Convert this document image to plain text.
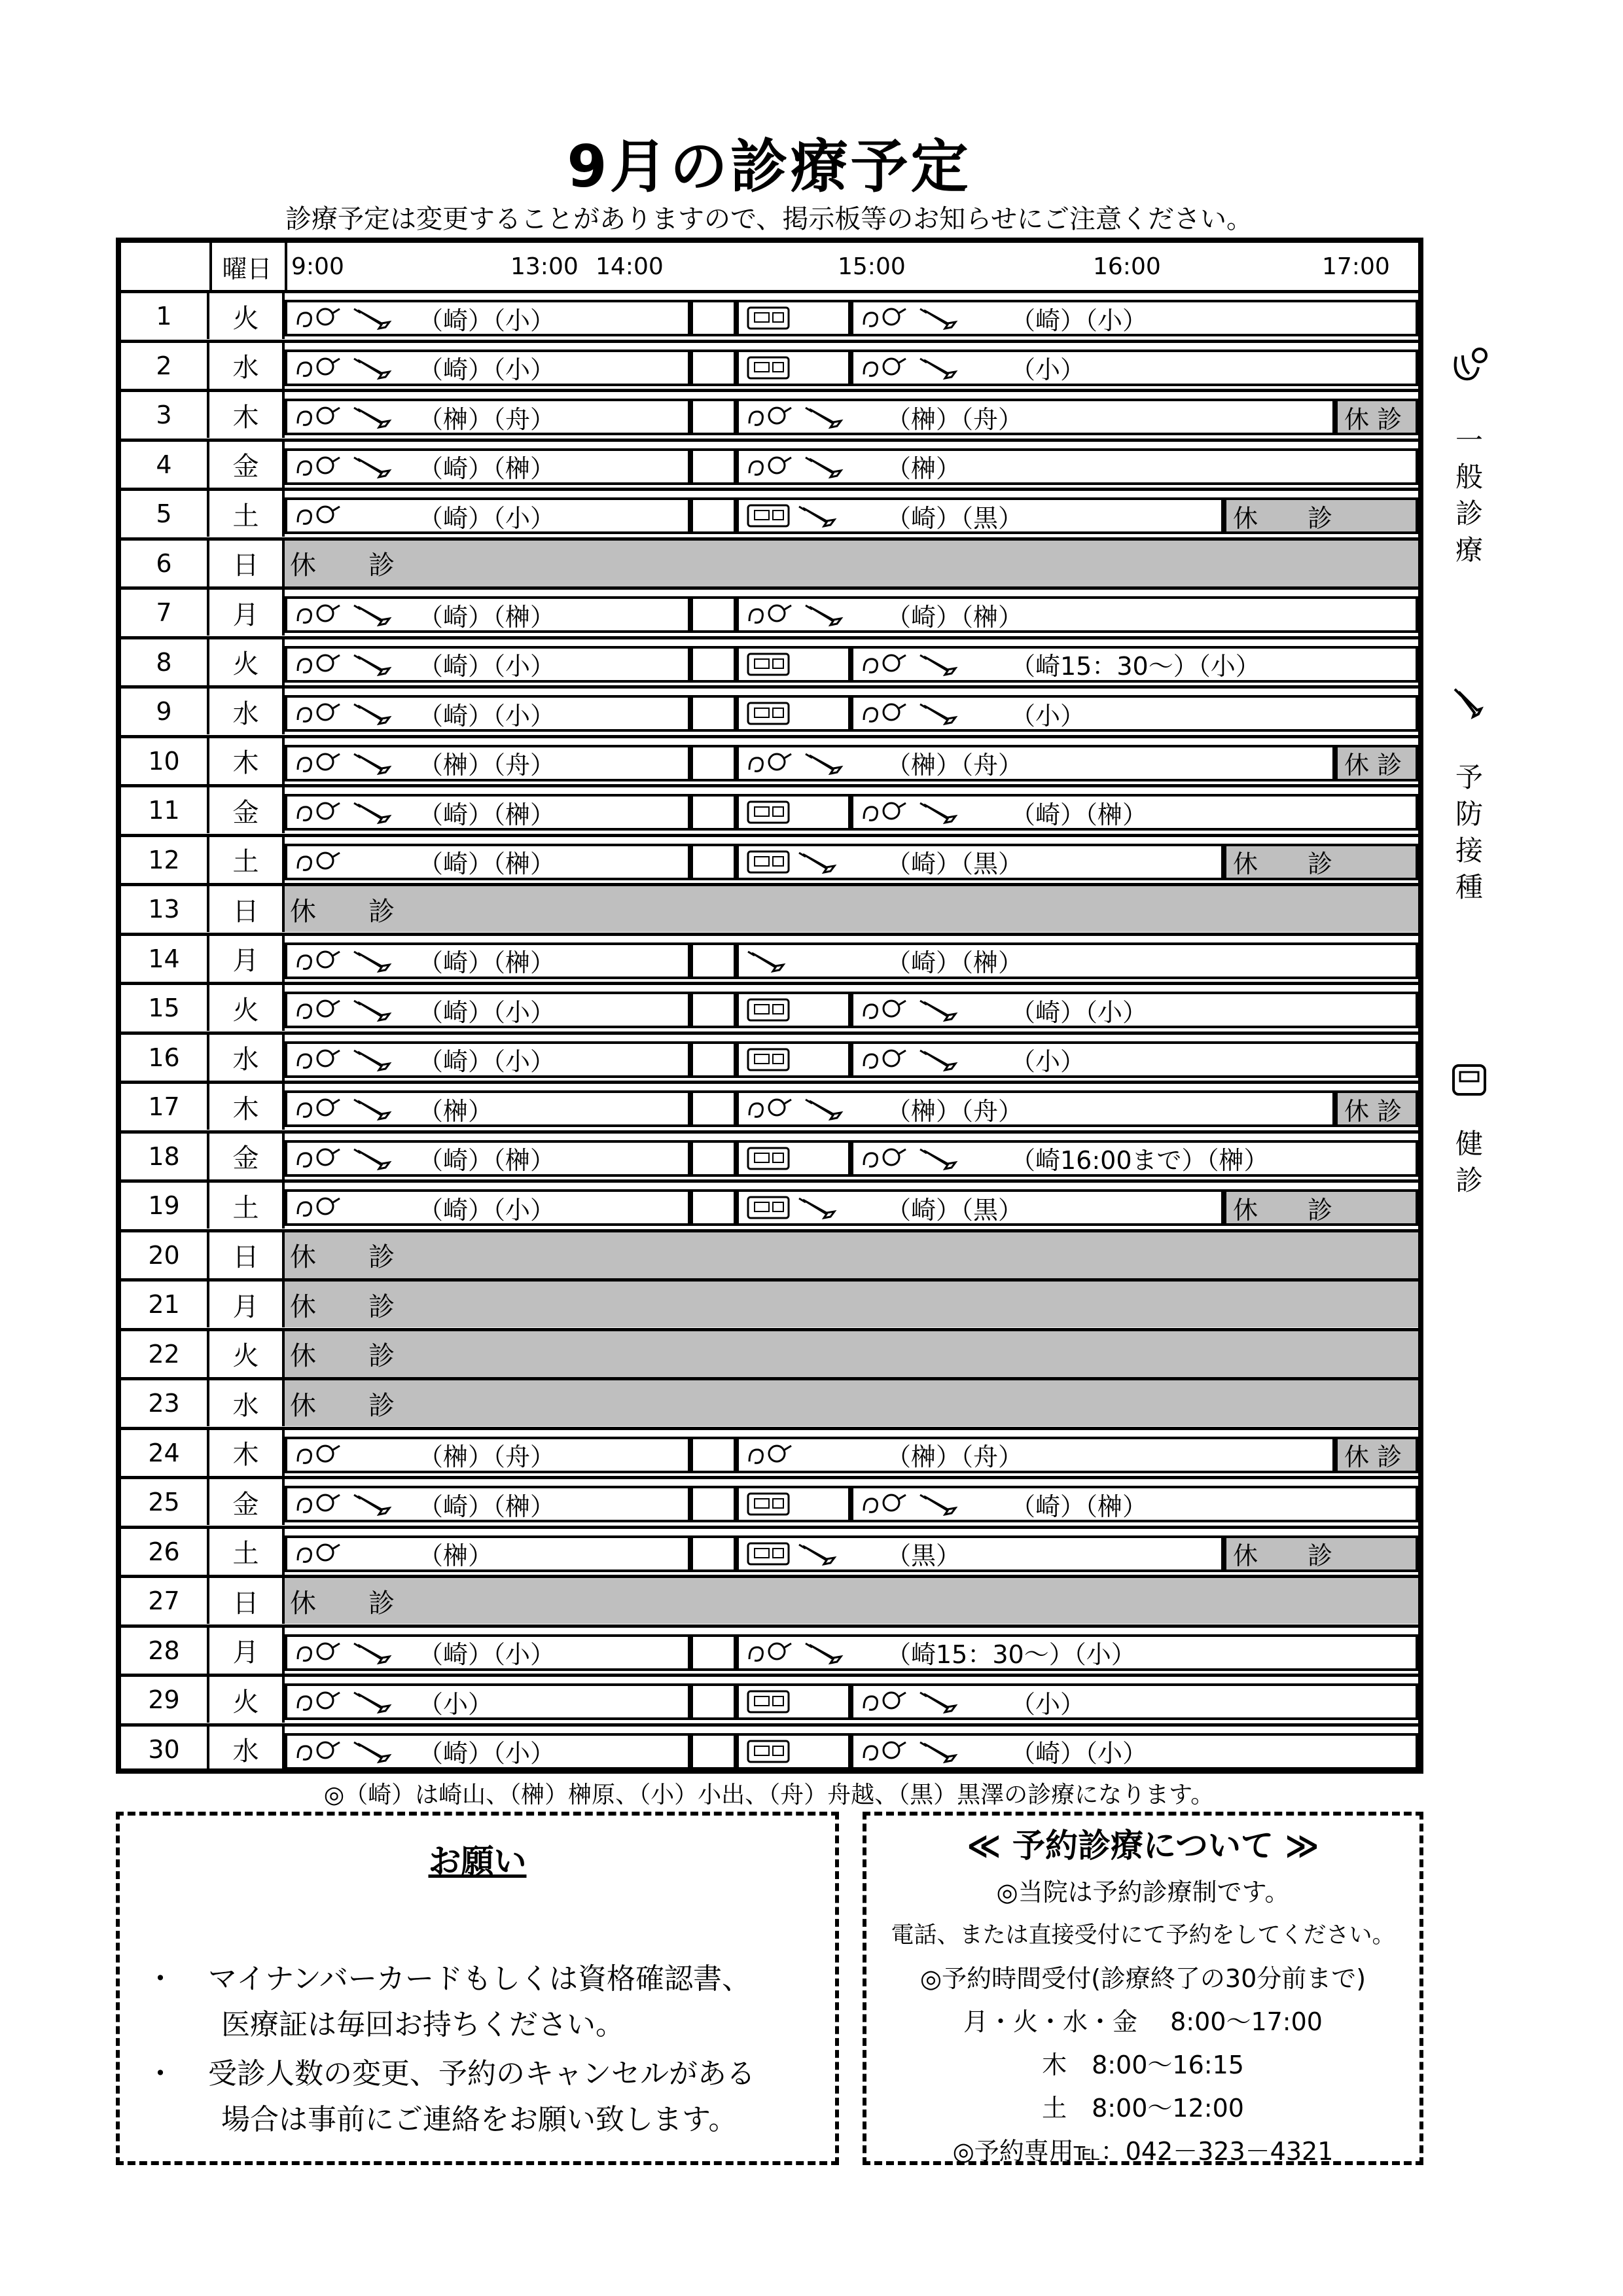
9月の診療予定
診療予定は変更することがありますので、掲示板等のお知らせにご注意ください。
曜日 9:00	13:00 14:00	15:00	16:00	17:00
1	火	（崎）（小）	（崎）（小）
2	水	（崎）（小）	（小）
3	木	（榊）（舟）	（榊）（舟）	休 診
4	金	（崎）（榊）	（榊）
5	土	（崎）（小）	（崎）（黒）	休　　診
6	日	休　　診
7	月	（崎）（榊）	（崎）（榊）
8	火	（崎）（小）	（崎15：30～）（小）
9	水	（崎）（小）	（小）
10	木	（榊）（舟）	（榊）（舟）	休 診
11	金	（崎）（榊）	（崎）（榊）
12	土	（崎）（榊）	（崎）（黒）	休　　診
13	日	休　　診
14	月	（崎）（榊）	（崎）（榊）
15	火	（崎）（小）	（崎）（小）
16	水	（崎）（小）	（小）
17	木	（榊）	（榊）（舟）	休 診
18	金	（崎）（榊）	（崎16:00まで）（榊）
19	土	（崎）（小）	（崎）（黒）	休　　診
20	日	休　　診
21	月	休　　診
22	火	休　　診
23	水	休　　診
24	木	（榊）（舟）	（榊）（舟）	休 診
25	金	（崎）（榊）	（崎）（榊）
26	土	（榊）	（黒）	休　　診
27	日	休　　診
28	月	（崎）（小）	（崎15：30～）（小）
29	火	（小）	（小）
30	水	（崎）（小）	（崎）（小）
◎（崎）は崎山、（榊）榊原、（小）小出、（舟）舟越、（黒）黒澤の診療になります。
お願い
・ マイナンバーカードもしくは資格確認書、

医療証は毎回お持ちください。
・ 受診人数の変更、予約のキャンセルがある

場合は事前にご連絡をお願い致します。
≪ 予約診療について ≫
◎当院は予約診療制です。
電話、または直接受付にて予約をしてください。
◎予約時間受付(診療終了の30分前まで)
月・火・水・金　 8:00～17:00
木　8:00～16:15
土　8:00～12:00
◎予約専用℡：042－323－4321
一般診療
予防接種
健診
